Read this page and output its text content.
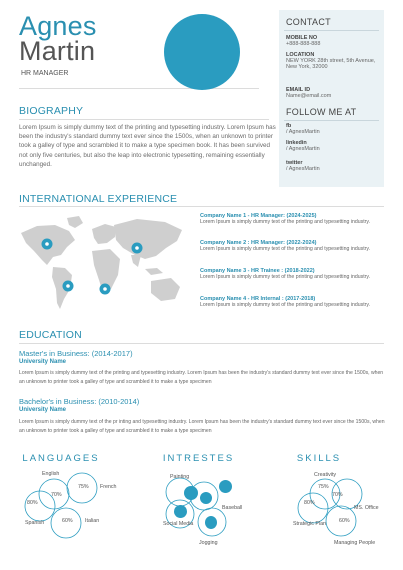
Agnes
Martin
HR MANAGER
CONTACT
MOBILE NO
+888-888-888
LOCATION
NEW YORK 28th street, 5th Avenue, New York, 32000
EMAIL ID
Name@email.com
FOLLOW ME AT
fb
/ AgnesMartin
linkedin
/ AgnesMartin
twitter
/ AgnesMartin
BIOGRAPHY
Lorem Ipsum is simply dummy text of the printing and typesetting industry. Lorem Ipsum has been the industry's standard dummy text ever since the 1500s, when an unknown to printer took a galley of type and scrambled it to make a type specimen book. It has been survived not only five centuries, but also the leap into electronic typesetting, remaining essentially unchanged.
INTERNATIONAL EXPERIENCE
Company Name 1 - HR Manager: (2024-2025)
Lorem Ipsum is simply dummy text of the printing and typesetting industry.
Company Name 2 : HR Manager: (2022-2024)
Lorem Ipsum is simply dummy text of the printing and typesetting industry.
Company Name 3 - HR Trainee : (2018-2022)
Lorem Ipsum is simply dummy text of the printing and typesetting industry.
Company Name 4 - HR Internal : (2017-2018)
Lorem Ipsum is simply dummy text of the printing and typesetting industry.
EDUCATION
Master's in Business: (2014-2017)
University Name
Lorem Ipsum is simply dummy text of the printing and typesetting industry. Lorem Ipsum has been the industry's standard dummy text ever since the 1500s, when an unknown to printer took a galley of type and scrambled it to make a type specimen
Bachelor's in Business: (2010-2014)
University Name
Lorem Ipsum is simply dummy text of the pr inting and typesetting industry. Lorem Ipsum has been the industry's standard dummy text ever since the 1500s, when an unknown to printer took a galley of type and scrambled it to make a type specimen
LANGUAGES
English
70%
French
75%
Spanish
80%
Italian
60%
INTRESTES
Painting
Baseball
Social Media
Jogging
SKILLS
Creativity
75%
MS. Office
70%
Strategic Plan
80%
Managing People
60%
